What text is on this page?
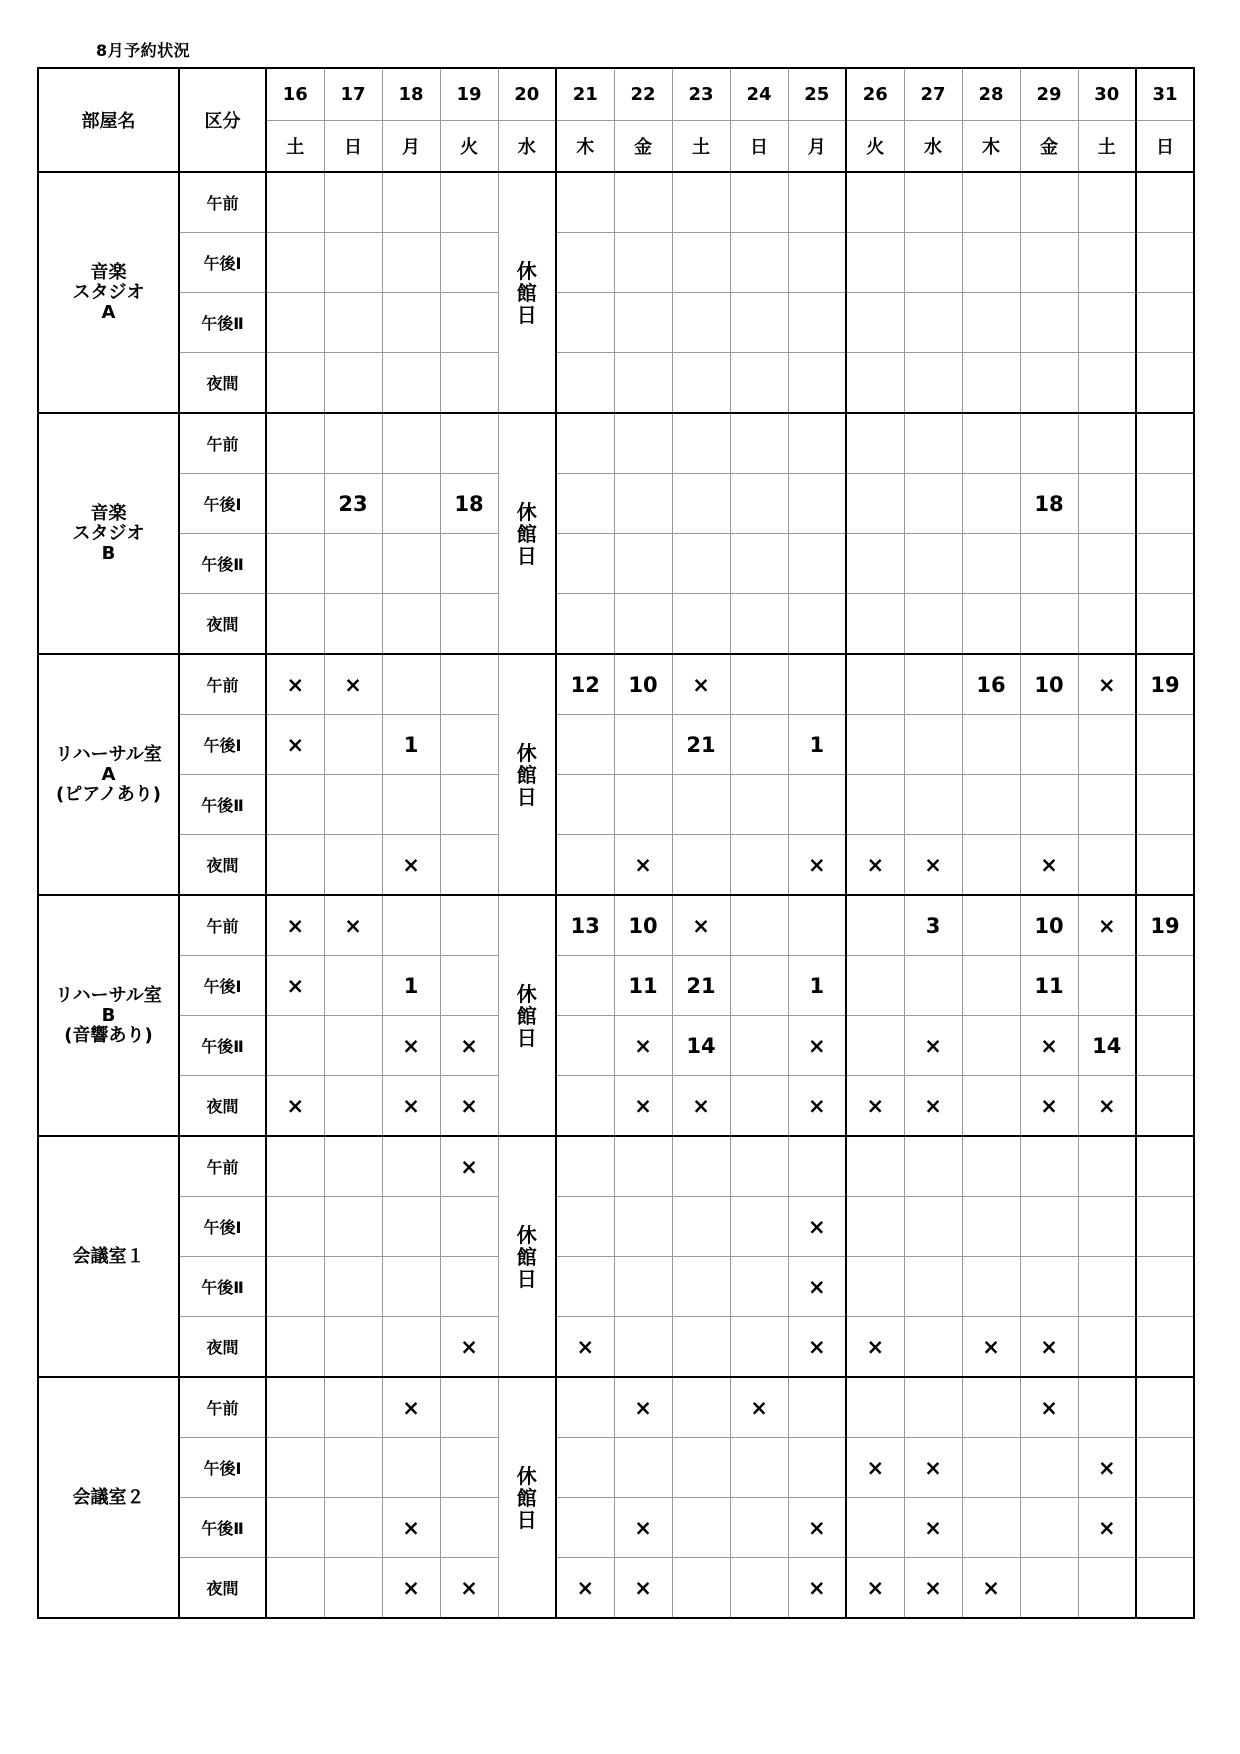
8月予約状況
部屋名	区分	16	17	18	19	20	21	22	23	24	25	26	27	28	29	30	31
		土	日	月	火	水	木	金	土	日	月	火	水	木	金	土	日
音楽
スタジオ
A	午前					休館日											
	午後Ⅰ																
	午後Ⅱ																
	夜間																
音楽
スタジオ
B	午前					休館日											
	午後Ⅰ		23		18										18		
	午後Ⅱ																
	夜間																
リハーサル室
A
(ピアノあり)	午前	×	×			休館日	12	10	×					16	10	×	19
	午後Ⅰ	×		1					21		1						
	午後Ⅱ																
	夜間			×				×			×	×	×		×		
リハーサル室
B
(音響あり)	午前	×	×			休館日	13	10	×				3		10	×	19
	午後Ⅰ	×		1				11	21		1				11		
	午後Ⅱ			×	×			×	14		×		×		×	14	
	夜間	×		×	×			×	×		×	×	×		×	×	
会議室１	午前				×	休館日											
	午後Ⅰ										×						
	午後Ⅱ										×						
	夜間				×		×				×	×		×	×		
会議室２	午前			×		休館日		×		×					×		
	午後Ⅰ											×	×			×	
	午後Ⅱ			×				×			×		×			×	
	夜間			×	×		×	×			×	×	×	×			
